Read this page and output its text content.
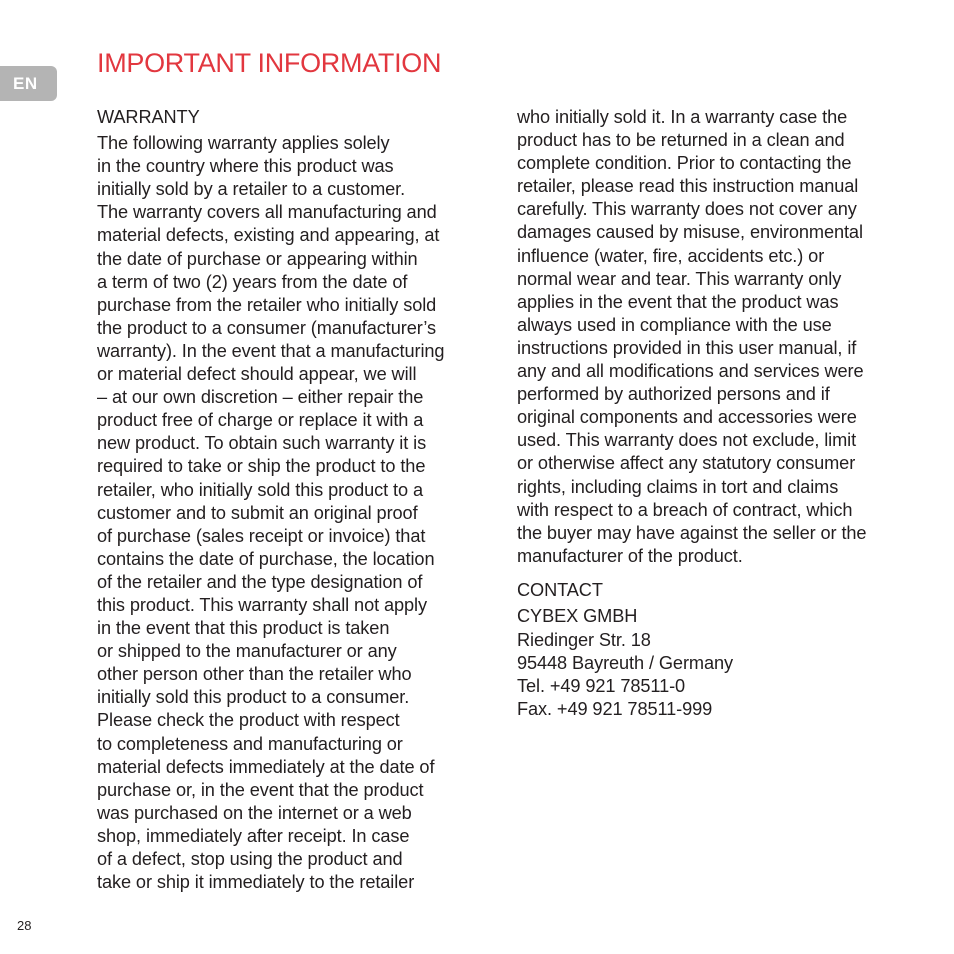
EN
IMPORTANT INFORMATION
WARRANTY

The following warranty applies solely
in the country where this product was
initially sold by a retailer to a customer.
The warranty covers all manufacturing and
material defects, existing and appearing, at
the date of purchase or appearing within
a term of two (2) years from the date of
purchase from the retailer who initially sold
the product to a consumer (manufacturer’s
warranty). In the event that a manufacturing
or material defect should appear, we will
– at our own discretion – either repair the
product free of charge or replace it with a
new product. To obtain such warranty it is
required to take or ship the product to the
retailer, who initially sold this product to a
customer and to submit an original proof
of purchase (sales receipt or invoice) that
contains the date of purchase, the location
of the retailer and the type designation of
this product. This warranty shall not apply
in the event that this product is taken
or shipped to the manufacturer or any
other person other than the retailer who
initially sold this product to a consumer.
Please check the product with respect
to completeness and manufacturing or
material defects immediately at the date of
purchase or, in the event that the product
was purchased on the internet or a web
shop, immediately after receipt. In case
of a defect, stop using the product and
take or ship it immediately to the retailer

who initially sold it. In a warranty case the
product has to be returned in a clean and
complete condition. Prior to contacting the
retailer, please read this instruction manual
carefully. This warranty does not cover any
damages caused by misuse, environmental
influence (water, fire, accidents etc.) or
normal wear and tear. This warranty only
applies in the event that the product was
always used in compliance with the use
instructions provided in this user manual, if
any and all modifications and services were
performed by authorized persons and if
original components and accessories were
used. This warranty does not exclude, limit
or otherwise affect any statutory consumer
rights, including claims in tort and claims
with respect to a breach of contract, which
the buyer may have against the seller or the
manufacturer of the product.

CONTACT

CYBEX GMBH

Riedinger Str. 18

95448 Bayreuth / Germany

Tel. +49 921 78511-0

Fax. +49 921 78511-999

28
